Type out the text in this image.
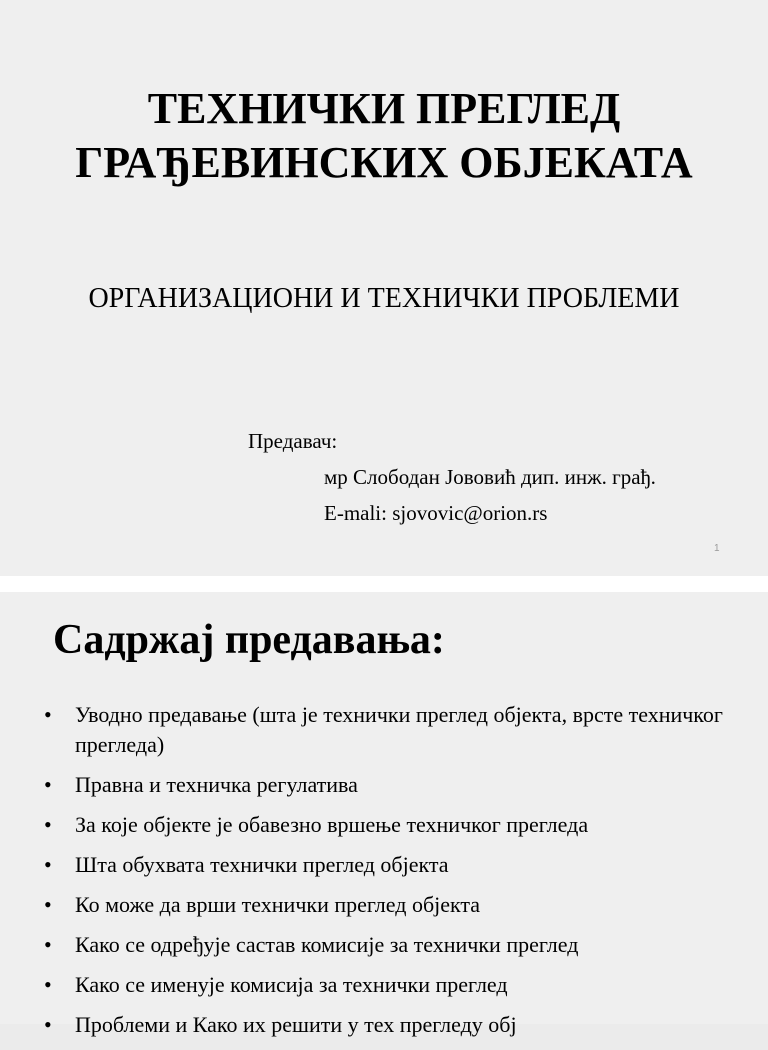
ТЕХНИЧКИ ПРЕГЛЕД
ГРАЂЕВИНСКИХ ОБЈЕКАТА
ОРГАНИЗАЦИОНИ И ТЕХНИЧКИ ПРОБЛЕМИ
Предавач:
мр Слободан Јововић дип. инж. грађ.
E-mali: sjovovic@orion.rs
1
Садржај предавања:
• Уводно предавање (шта је технички преглед објекта, врсте техничког прегледа)
• Правна и техничка регулатива
• За које објекте је обавезно вршење техничког прегледа
• Шта обухвата технички преглед објекта
• Ко може да врши технички преглед објекта
• Како се одређује састав комисије за технички преглед
• Како се именује комисија за технички преглед
• Проблеми и Како их решити у тех прегледу обј
